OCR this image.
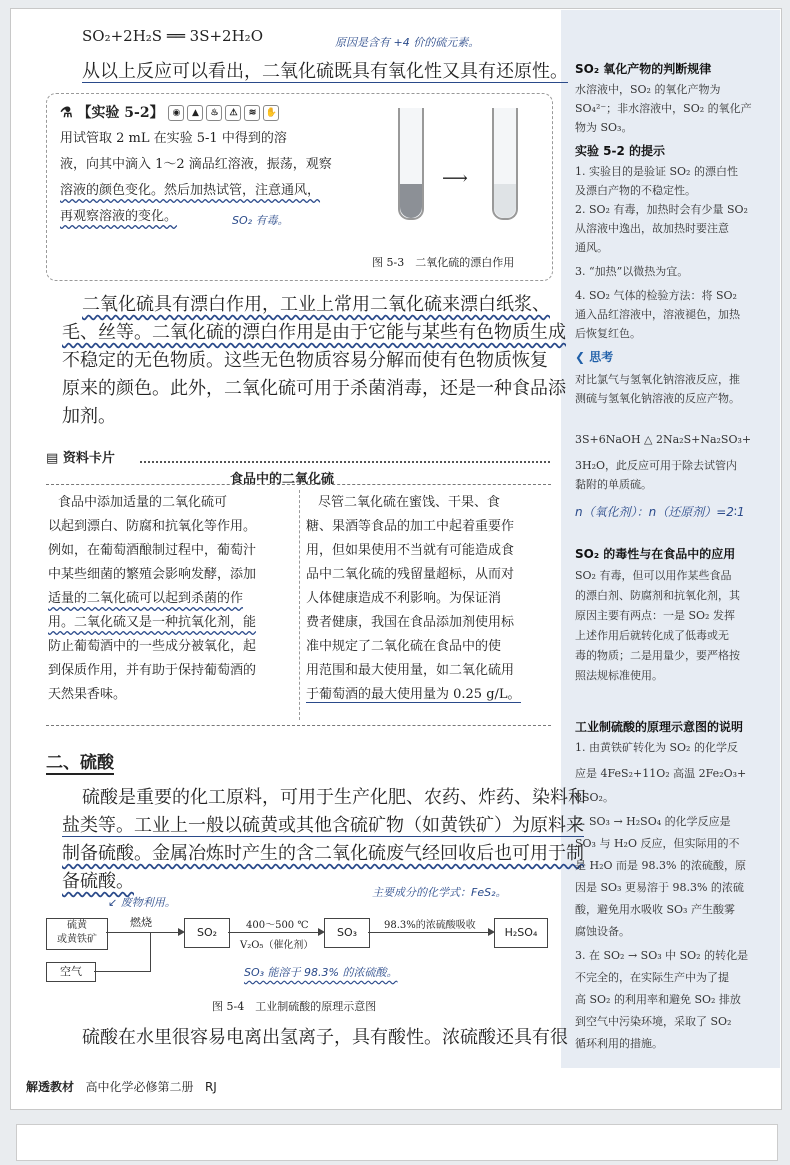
SO₂+2H₂S ══ 3S+2H₂O	原因是含有 +4 价的硫元素。
从以上反应可以看出，二氧化硫既具有氧化性又具有还原性。
⚗ 【实验 5-2】 ◉ ▲ ♨ ⚠ ≋ ✋
用试管取 2 mL 在实验 5-1 中得到的溶
液，向其中滴入 1～2 滴品红溶液，振荡，观察
溶液的颜色变化。然后加热试管，注意通风，
再观察溶液的变化。	SO₂ 有毒。
⟶
图 5-3　二氧化硫的漂白作用
二氧化硫具有漂白作用，工业上常用二氧化硫来漂白纸浆、
毛、丝等。二氧化硫的漂白作用是由于它能与某些有色物质生成
不稳定的无色物质。这些无色物质容易分解而使有色物质恢复
原来的颜色。此外，二氧化硫可用于杀菌消毒，还是一种食品添
加剂。
▤ 资料卡片
食品中的二氧化硫
食品中添加适量的二氧化硫可
以起到漂白、防腐和抗氧化等作用。
例如，在葡萄酒酿制过程中，葡萄汁
中某些细菌的繁殖会影响发酵，添加
适量的二氧化硫可以起到杀菌的作
用。二氧化硫又是一种抗氧化剂，能
防止葡萄酒中的一些成分被氧化，起
到保质作用，并有助于保持葡萄酒的
天然果香味。
尽管二氧化硫在蜜饯、干果、食
糖、果酒等食品的加工中起着重要作
用，但如果使用不当就有可能造成食
品中二氧化硫的残留量超标，从而对
人体健康造成不利影响。为保证消
费者健康，我国在食品添加剂使用标
准中规定了二氧化硫在食品中的使
用范围和最大使用量，如二氧化硫用
于葡萄酒的最大使用量为 0.25 g/L。
二、硫酸
硫酸是重要的化工原料，可用于生产化肥、农药、炸药、染料和
盐类等。工业上一般以硫黄或其他含硫矿物（如黄铁矿）为原料来
制备硫酸。金属冶炼时产生的含二氧化硫废气经回收后也可用于制
备硫酸。
↙ 废物利用。
主要成分的化学式：FeS₂。
硫黄
或黄铁矿
空气
燃烧
SO₂
400～500 ℃
V₂O₅（催化剂）
SO₃
98.3%的浓硫酸吸收
H₂SO₄
SO₃ 能溶于 98.3% 的浓硫酸。
图 5-4　工业制硫酸的原理示意图
硫酸在水里很容易电离出氢离子，具有酸性。浓硫酸还具有很
SO₂ 氧化产物的判断规律
水溶液中，SO₂ 的氧化产物为
SO₄²⁻；非水溶液中，SO₂ 的氧化产
物为 SO₃。
实验 5-2 的提示
1. 实验目的是验证 SO₂ 的漂白性
及漂白产物的不稳定性。
2. SO₂ 有毒，加热时会有少量 SO₂
从溶液中逸出，故加热时要注意
通风。
3. “加热”以微热为宜。
4. SO₂ 气体的检验方法：将 SO₂
通入品红溶液中，溶液褪色，加热
后恢复红色。
❮ 思考
对比氯气与氢氧化钠溶液反应，推
测硫与氢氧化钠溶液的反应产物。
3S+6NaOH △ 2Na₂S+Na₂SO₃+
3H₂O，此反应可用于除去试管内
黏附的单质硫。
n（氧化剂）：n（还原剂）=2∶1
SO₂ 的毒性与在食品中的应用
SO₂ 有毒，但可以用作某些食品
的漂白剂、防腐剂和抗氧化剂，其
原因主要有两点：一是 SO₂ 发挥
上述作用后就转化成了低毒或无
毒的物质；二是用量少，要严格按
照法规标准使用。
工业制硫酸的原理示意图的说明
1. 由黄铁矿转化为 SO₂ 的化学反
应是 4FeS₂+11O₂ 高温 2Fe₂O₃+
8SO₂。
2. SO₃ → H₂SO₄ 的化学反应是
SO₃ 与 H₂O 反应，但实际用的不
是 H₂O 而是 98.3% 的浓硫酸，原
因是 SO₃ 更易溶于 98.3% 的浓硫
酸，避免用水吸收 SO₃ 产生酸雾
腐蚀设备。
3. 在 SO₂ → SO₃ 中 SO₂ 的转化是
不完全的，在实际生产中为了提
高 SO₂ 的利用率和避免 SO₂ 排放
到空气中污染环境，采取了 SO₂
循环利用的措施。
解透教材 高中化学必修第二册 RJ
